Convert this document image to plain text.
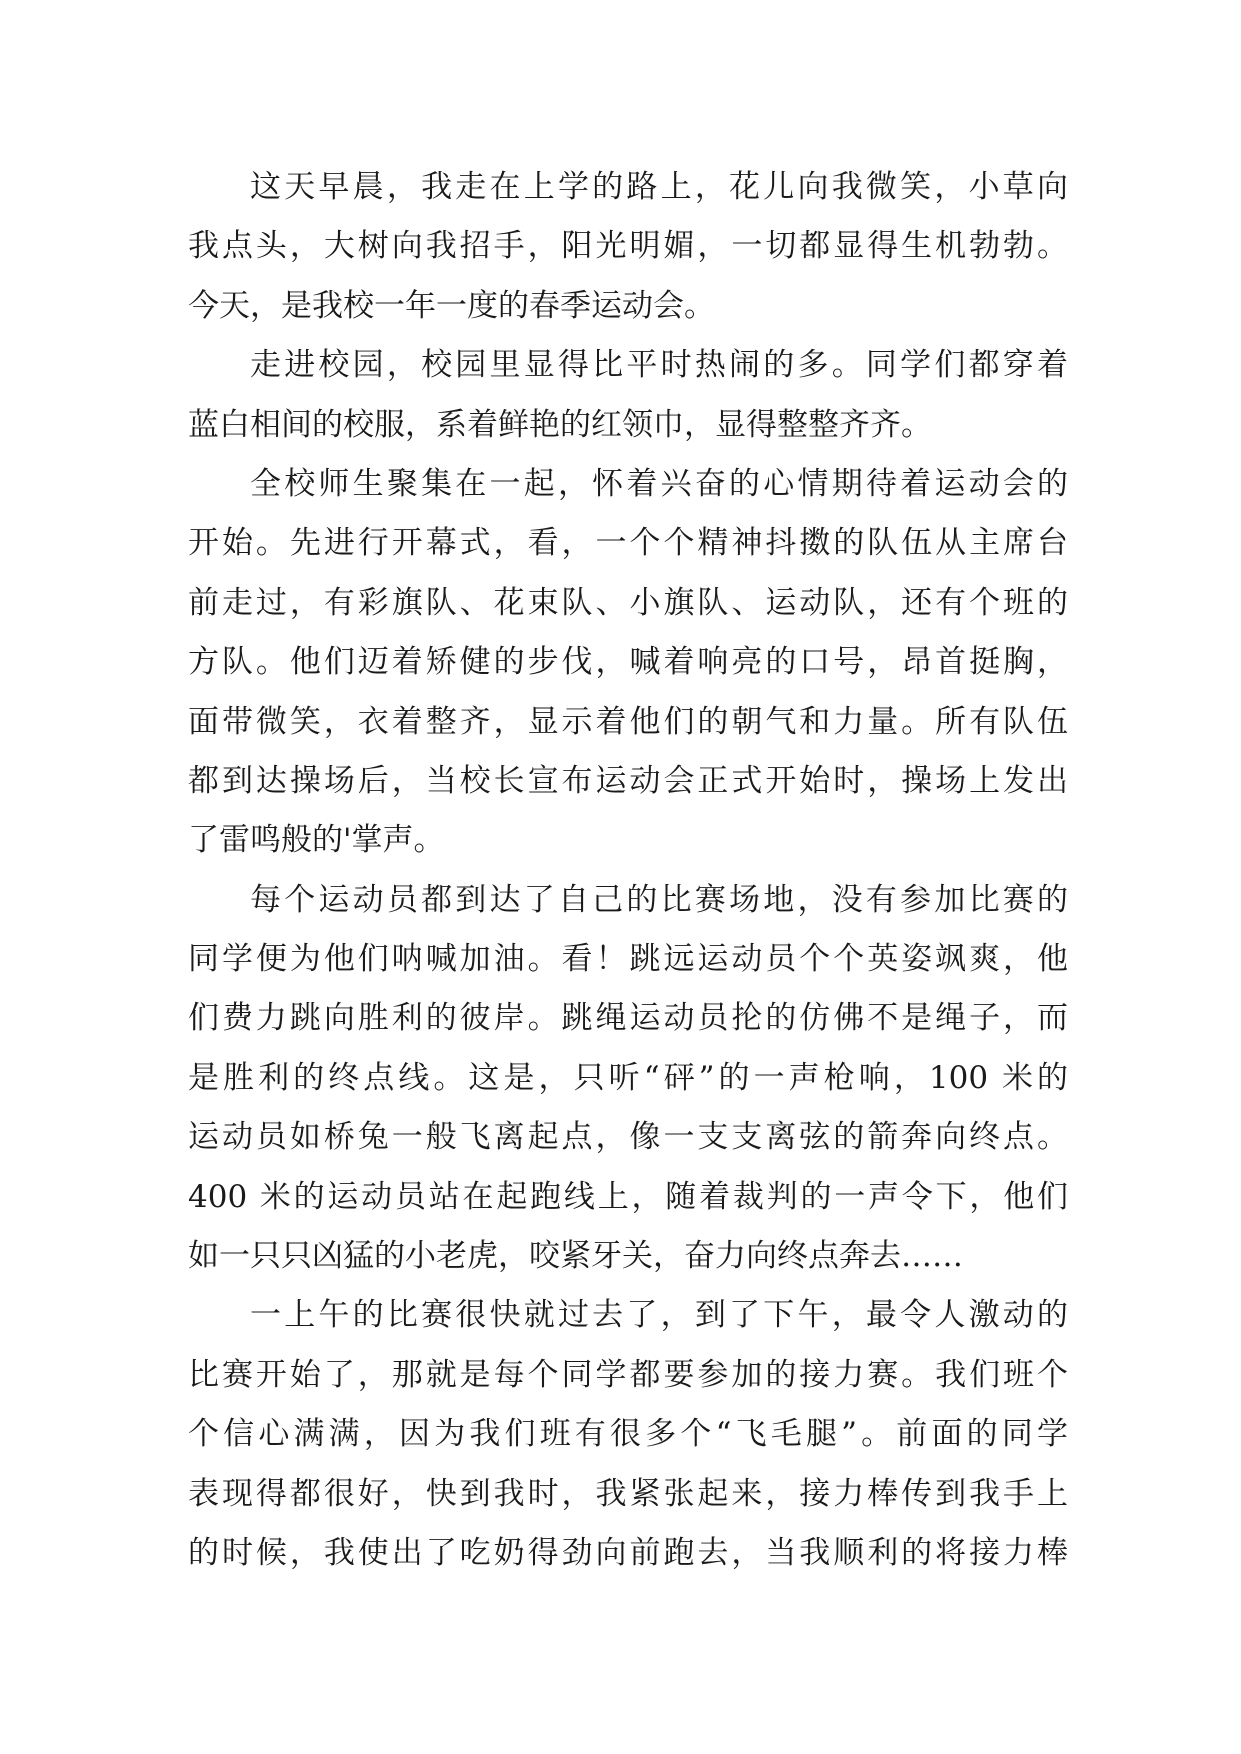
这天早晨，我走在上学的路上，花儿向我微笑，小草向
我点头，大树向我招手，阳光明媚，一切都显得生机勃勃。
今天，是我校一年一度的春季运动会。
走进校园，校园里显得比平时热闹的多。同学们都穿着
蓝白相间的校服，系着鲜艳的红领巾，显得整整齐齐。
全校师生聚集在一起，怀着兴奋的心情期待着运动会的
开始。先进行开幕式，看，一个个精神抖擞的队伍从主席台
前走过，有彩旗队、花束队、小旗队、运动队，还有个班的
方队。他们迈着矫健的步伐，喊着响亮的口号，昂首挺胸，
面带微笑，衣着整齐，显示着他们的朝气和力量。所有队伍
都到达操场后，当校长宣布运动会正式开始时，操场上发出
了雷鸣般的'掌声。
每个运动员都到达了自己的比赛场地，没有参加比赛的
同学便为他们呐喊加油。看！跳远运动员个个英姿飒爽，他
们费力跳向胜利的彼岸。跳绳运动员抡的仿佛不是绳子，而
是胜利的终点线。这是，只听“砰”的一声枪响，100 米的
运动员如桥兔一般飞离起点，像一支支离弦的箭奔向终点。
400 米的运动员站在起跑线上，随着裁判的一声令下，他们
如一只只凶猛的小老虎，咬紧牙关，奋力向终点奔去……
一上午的比赛很快就过去了，到了下午，最令人激动的
比赛开始了，那就是每个同学都要参加的接力赛。我们班个
个信心满满，因为我们班有很多个“飞毛腿”。前面的同学
表现得都很好，快到我时，我紧张起来，接力棒传到我手上
的时候，我使出了吃奶得劲向前跑去，当我顺利的将接力棒
